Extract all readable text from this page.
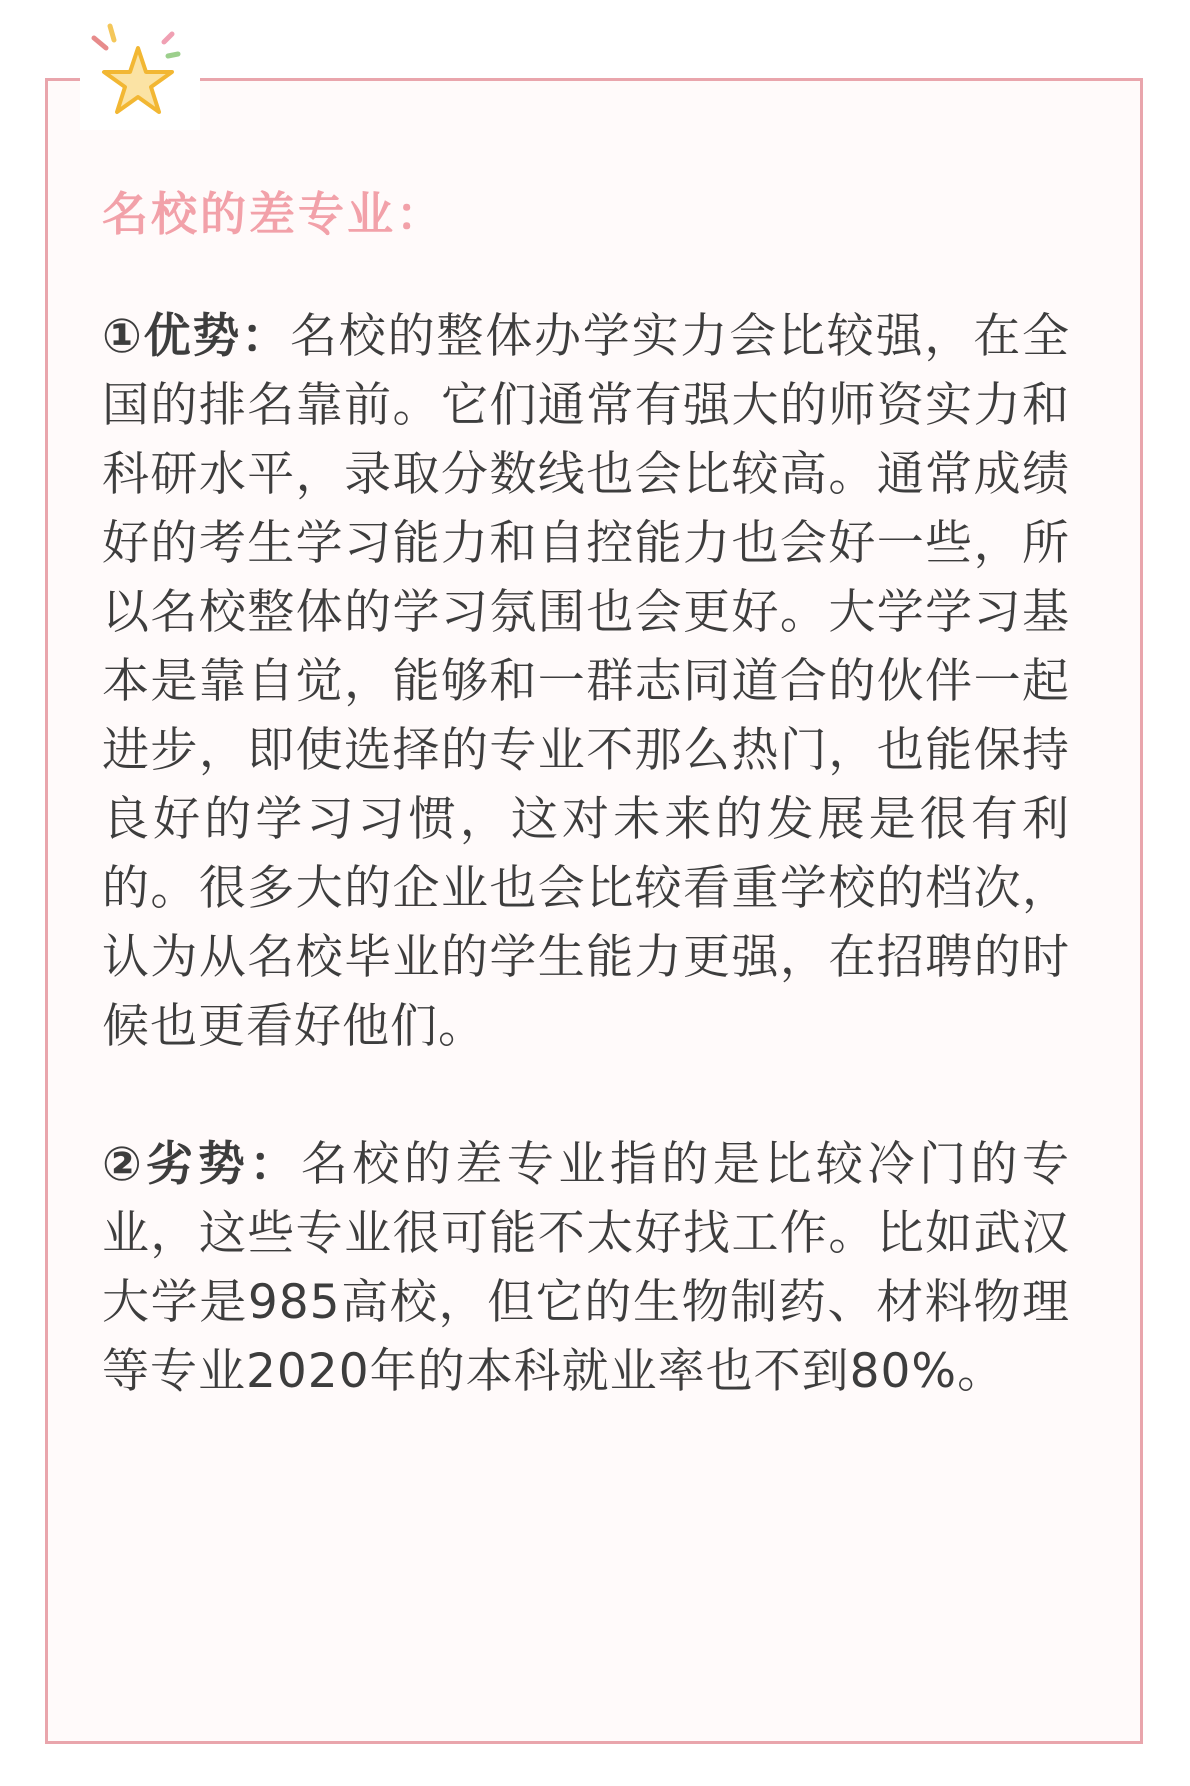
名校的差专业：

①优势：名校的整体办学实力会比较强，在全国的排名靠前。它们通常有强大的师资实力和科研水平，录取分数线也会比较高。通常成绩好的考生学习能力和自控能力也会好一些，所以名校整体的学习氛围也会更好。大学学习基本是靠自觉，能够和一群志同道合的伙伴一起进步，即使选择的专业不那么热门，也能保持良好的学习习惯，这对未来的发展是很有利的。很多大的企业也会比较看重学校的档次，认为从名校毕业的学生能力更强，在招聘的时候也更看好他们。

②劣势：名校的差专业指的是比较冷门的专业，这些专业很可能不太好找工作。比如武汉大学是985高校，但它的生物制药、材料物理等专业2020年的本科就业率也不到80%。
